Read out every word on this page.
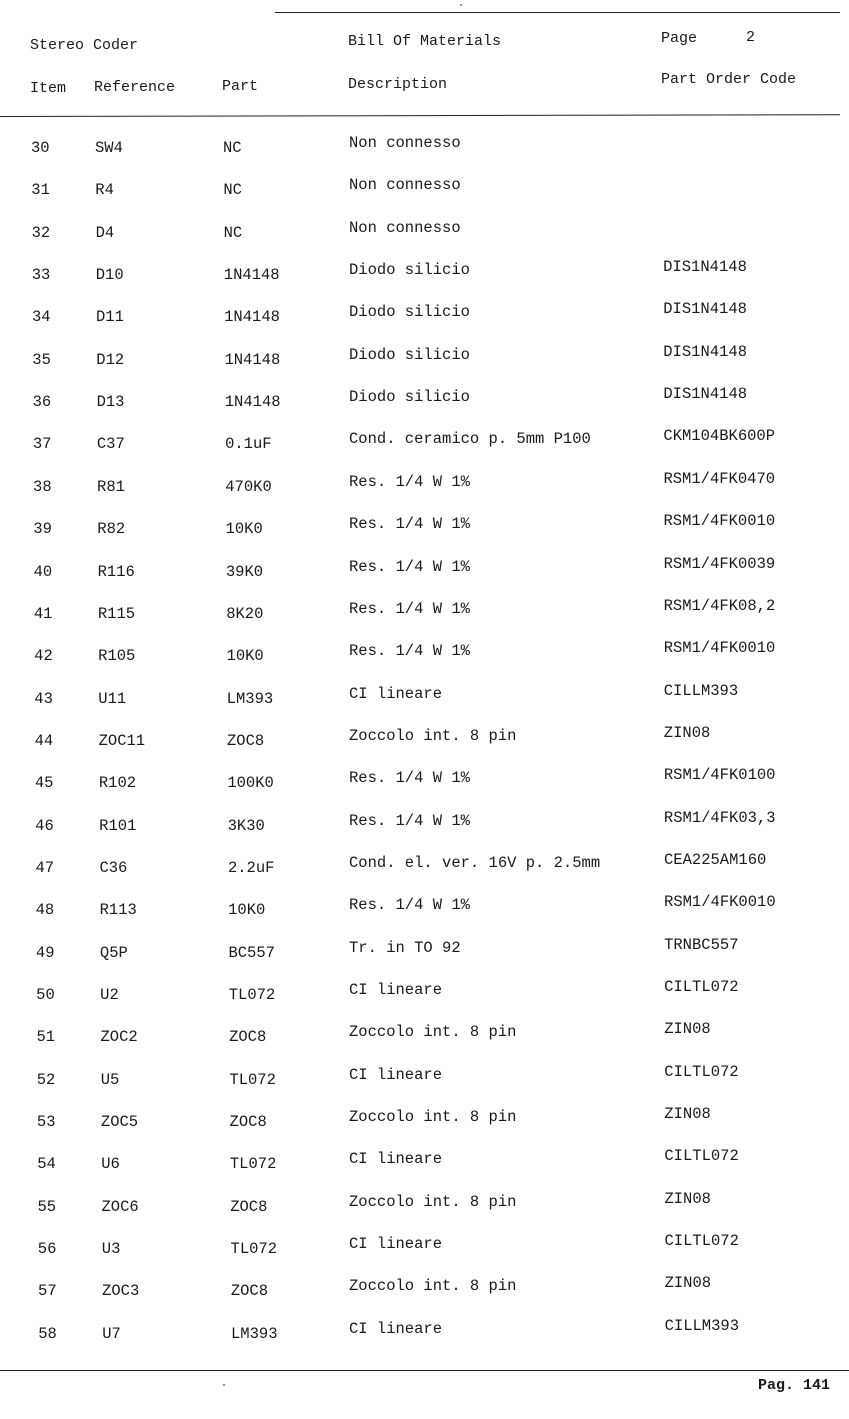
Stereo Coder	Bill Of Materials	Page	2
Item Reference	Part	Description	Part Order Code
30	SW4	NC	Non connesso
31	R4	NC	Non connesso
32	D4	NC	Non connesso
33	D10	1N4148	Diodo silicio	DIS1N4148
34	D11	1N4148	Diodo silicio	DIS1N4148
35	D12	1N4148	Diodo silicio	DIS1N4148
36	D13	1N4148	Diodo silicio	DIS1N4148
37	C37	0.1uF	Cond. ceramico p. 5mm P100	CKM104BK600P
38	R81	470K0	Res. 1/4 W 1%	RSM1/4FK0470
39	R82	10K0	Res. 1/4 W 1%	RSM1/4FK0010
40	R116	39K0	Res. 1/4 W 1%	RSM1/4FK0039
41	R115	8K20	Res. 1/4 W 1%	RSM1/4FK08,2
42	R105	10K0	Res. 1/4 W 1%	RSM1/4FK0010
43	U11	LM393	CI lineare	CILLM393
44	ZOC11	ZOC8	Zoccolo int. 8 pin	ZIN08
45	R102	100K0	Res. 1/4 W 1%	RSM1/4FK0100
46	R101	3K30	Res. 1/4 W 1%	RSM1/4FK03,3
47	C36	2.2uF	Cond. el. ver. 16V p. 2.5mm	CEA225AM160
48	R113	10K0	Res. 1/4 W 1%	RSM1/4FK0010
49	Q5P	BC557	Tr. in TO 92	TRNBC557
50	U2	TL072	CI lineare	CILTL072
51	ZOC2	ZOC8	Zoccolo int. 8 pin	ZIN08
52	U5	TL072	CI lineare	CILTL072
53	ZOC5	ZOC8	Zoccolo int. 8 pin	ZIN08
54	U6	TL072	CI lineare	CILTL072
55	ZOC6	ZOC8	Zoccolo int. 8 pin	ZIN08
56	U3	TL072	CI lineare	CILTL072
57	ZOC3	ZOC8	Zoccolo int. 8 pin	ZIN08
58	U7	LM393	CI lineare	CILLM393
Pag. 141
